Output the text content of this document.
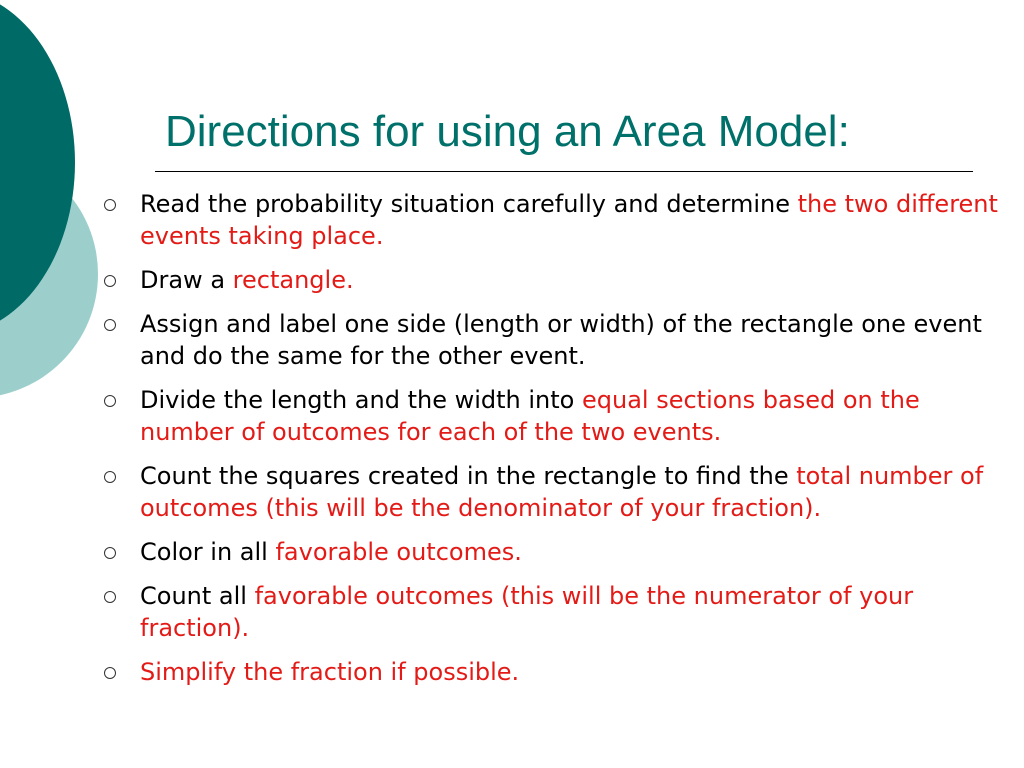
Directions for using an Area Model:
Read the probability situation carefully and determine the two different events taking place.
Draw a rectangle.
Assign and label one side (length or width) of the rectangle one event and do the same for the other event.
Divide the length and the width into equal sections based on the number of outcomes for each of the two events.
Count the squares created in the rectangle to find the total number of outcomes (this will be the denominator of your fraction).
Color in all favorable outcomes.
Count all favorable outcomes (this will be the numerator of your fraction).
Simplify the fraction if possible.
